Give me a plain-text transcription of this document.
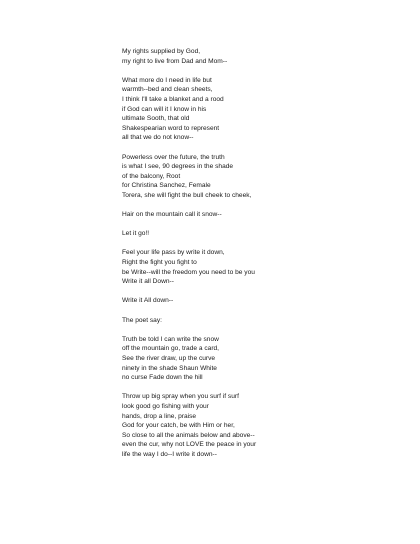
My rights supplied by God,
my right to live from Dad and Mom--
What more do I need in life but
warmth--bed and clean sheets,
I think I'll take a blanket and a rood
if God can will it I know in his
ultimate Sooth, that old
Shakespearian word to represent
all that we do not know--
Powerless over the future, the truth
is what I see, 90 degrees in the shade
of the balcony, Root
for Christina Sanchez, Female
Torera, she will fight the bull cheek to cheek,
Hair on the mountain call it snow--
Let it go!!
Feel your life pass by write it down,
Right the fight you fight to
be Write--will the freedom you need to be you
Write it all Down--
Write it All down--
The poet say:
Truth be told I can write the snow
off the mountain go, trade a card,
See the river draw, up the curve
ninety in the shade Shaun White
no curse Fade down the hill
Throw up big spray when you surf if surf
look good go fishing with your
hands, drop a line, praise
God for your catch, be with Him or her,
So close to all the animals below and above--
even the cur, why not LOVE the peace in your
life the way I do--I write it down--
